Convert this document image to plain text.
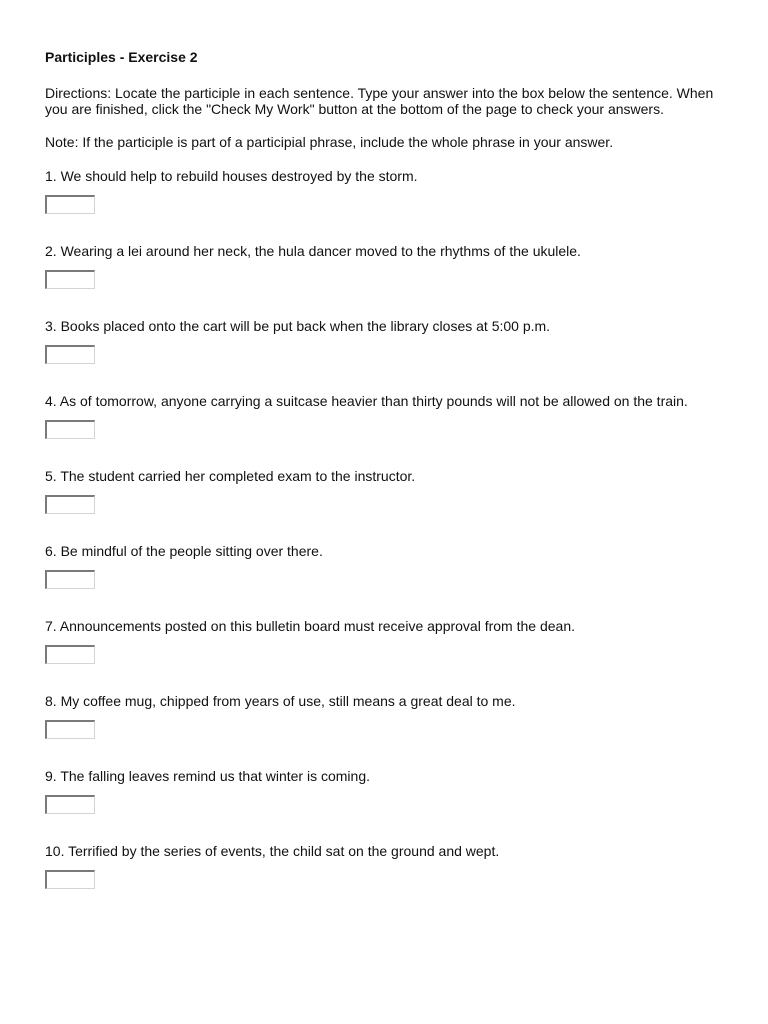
Participles - Exercise 2
Directions: Locate the participle in each sentence. Type your answer into the box below the sentence. When you are finished, click the "Check My Work" button at the bottom of the page to check your answers.
Note: If the participle is part of a participial phrase, include the whole phrase in your answer.
1. We should help to rebuild houses destroyed by the storm.
2. Wearing a lei around her neck, the hula dancer moved to the rhythms of the ukulele.
3. Books placed onto the cart will be put back when the library closes at 5:00 p.m.
4. As of tomorrow, anyone carrying a suitcase heavier than thirty pounds will not be allowed on the train.
5. The student carried her completed exam to the instructor.
6. Be mindful of the people sitting over there.
7. Announcements posted on this bulletin board must receive approval from the dean.
8. My coffee mug, chipped from years of use, still means a great deal to me.
9. The falling leaves remind us that winter is coming.
10. Terrified by the series of events, the child sat on the ground and wept.
